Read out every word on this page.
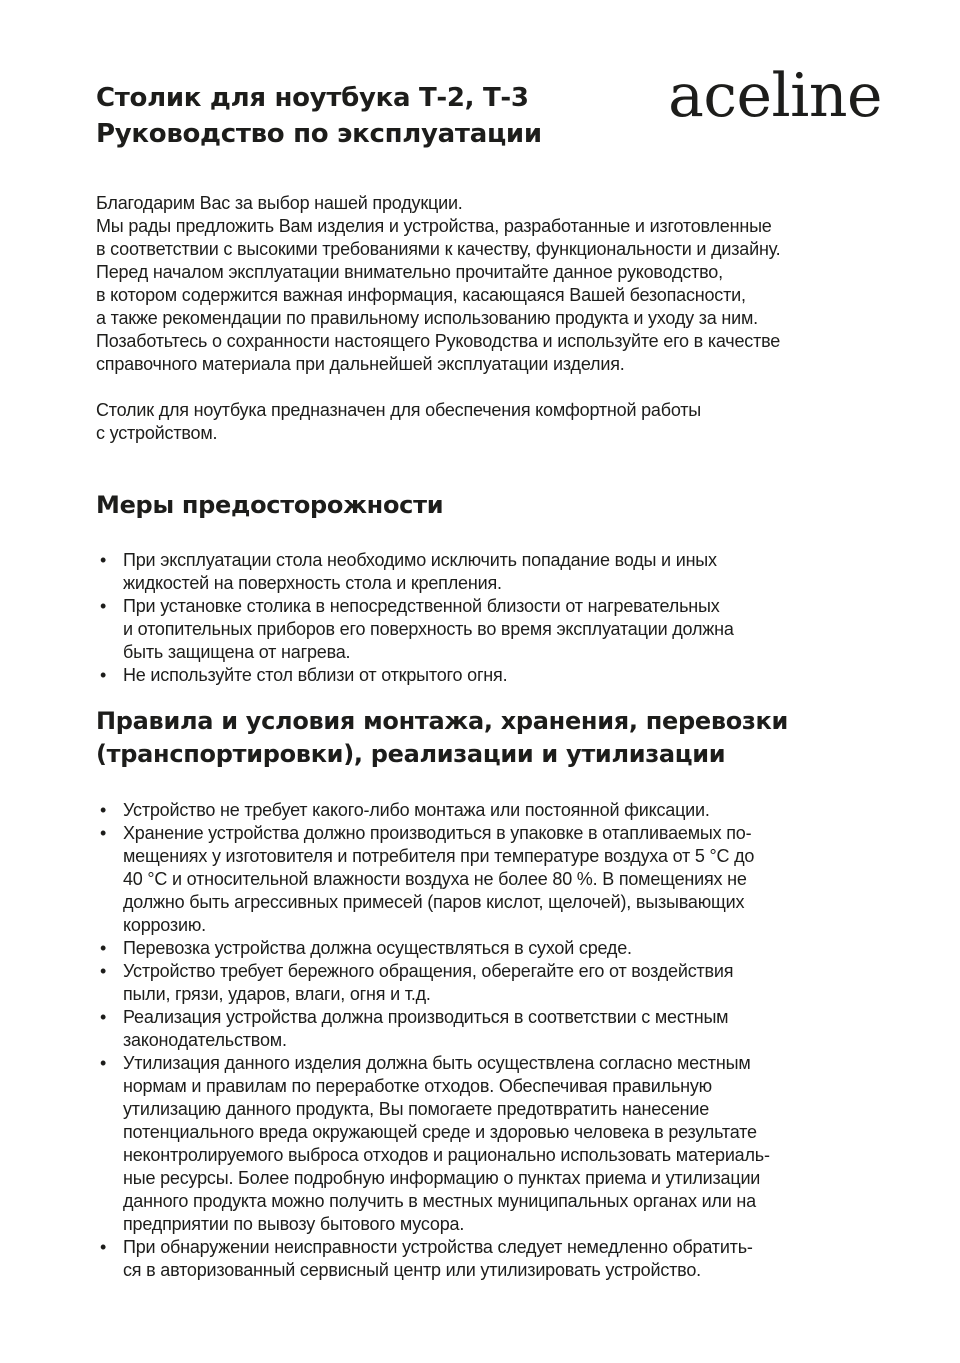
Столик для ноутбука Т-2, Т-3
Руководство по эксплуатации
aceline

Благодарим Вас за выбор нашей продукции.

Мы рады предложить Вам изделия и устройства, разработанные и изготовленные

в соответствии с высокими требованиями к качеству, функциональности и дизайну.

Перед началом эксплуатации внимательно прочитайте данное руководство,

в котором содержится важная информация, касающаяся Вашей безопасности,

а также рекомендации по правильному использованию продукта и уходу за ним.

Позаботьтесь о сохранности настоящего Руководства и используйте его в качестве

справочного материала при дальнейшей эксплуатации изделия.

Столик для ноутбука предназначен для обеспечения комфортной работы

с устройством.

Меры предосторожности
• При эксплуатации стола необходимо исключить попадание воды и иных
жидкостей на поверхность стола и крепления.
• При установке столика в непосредственной близости от нагревательных
и отопительных приборов его поверхность во время эксплуатации должна
быть защищена от нагрева.
• Не используйте стол вблизи от открытого огня.
Правила и условия монтажа, хранения, перевозки
(транспортировки), реализации и утилизации
• Устройство не требует какого-либо монтажа или постоянной фиксации.
• Хранение устройства должно производиться в упаковке в отапливаемых по-
мещениях у изготовителя и потребителя при температуре воздуха от 5 °С до
40 °С и относительной влажности воздуха не более 80 %. В помещениях не
должно быть агрессивных примесей (паров кислот, щелочей), вызывающих
коррозию.
• Перевозка устройства должна осуществляться в сухой среде.
• Устройство требует бережного обращения, оберегайте его от воздействия
пыли, грязи, ударов, влаги, огня и т.д.
• Реализация устройства должна производиться в соответствии с местным
законодательством.
• Утилизация данного изделия должна быть осуществлена согласно местным
нормам и правилам по переработке отходов. Обеспечивая правильную
утилизацию данного продукта, Вы помогаете предотвратить нанесение
потенциального вреда окружающей среде и здоровью человека в результате
неконтролируемого выброса отходов и рационально использовать материаль-
ные ресурсы. Более подробную информацию о пунктах приема и утилизации
данного продукта можно получить в местных муниципальных органах или на
предприятии по вывозу бытового мусора.
• При обнаружении неисправности устройства следует немедленно обратить-
ся в авторизованный сервисный центр или утилизировать устройство.
